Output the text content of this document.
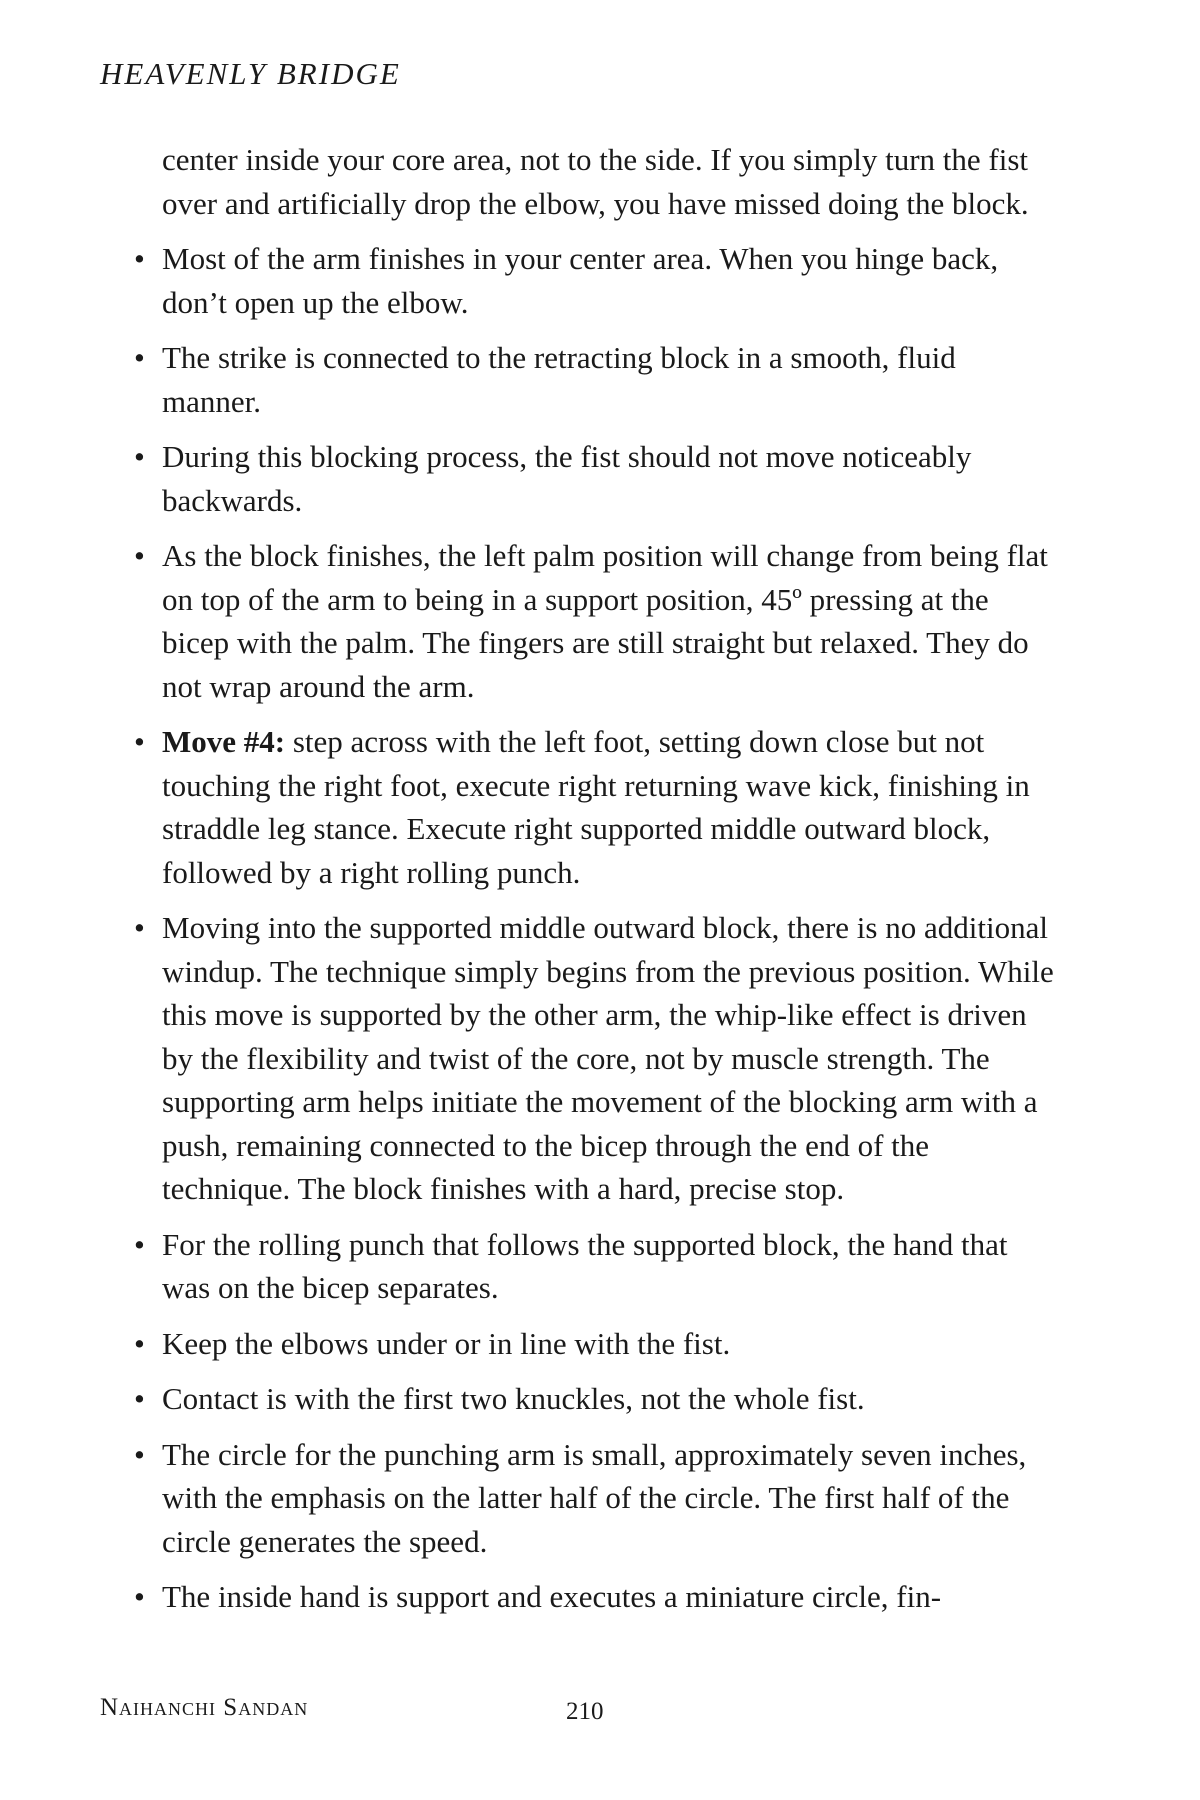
HEAVENLY BRIDGE

center inside your core area, not to the side. If you simply turn the fist over and artificially drop the elbow, you have missed doing the block.

• Most of the arm finishes in your center area. When you hinge back, don’t open up the elbow.
• The strike is connected to the retracting block in a smooth, fluid manner.
• During this blocking process, the fist should not move noticeably backwards.
• As the block finishes, the left palm position will change from being flat on top of the arm to being in a support position, 45º pressing at the bicep with the palm. The fingers are still straight but relaxed. They do not wrap around the arm.
• Move #4: step across with the left foot, setting down close but not touching the right foot, execute right returning wave kick, finishing in straddle leg stance. Execute right supported middle outward block, followed by a right rolling punch.
• Moving into the supported middle outward block, there is no additional windup. The technique simply begins from the previous position. While this move is supported by the other arm, the whip-like effect is driven by the flexibility and twist of the core, not by muscle strength. The supporting arm helps initiate the movement of the blocking arm with a push, remaining connected to the bicep through the end of the technique. The block finishes with a hard, precise stop.
• For the rolling punch that follows the supported block, the hand that was on the bicep separates.
• Keep the elbows under or in line with the fist.
• Contact is with the first two knuckles, not the whole fist.
• The circle for the punching arm is small, approximately seven inches, with the emphasis on the latter half of the circle. The first half of the circle generates the speed.
• The inside hand is support and executes a miniature circle, fin-
Naihanchi Sandan	210
